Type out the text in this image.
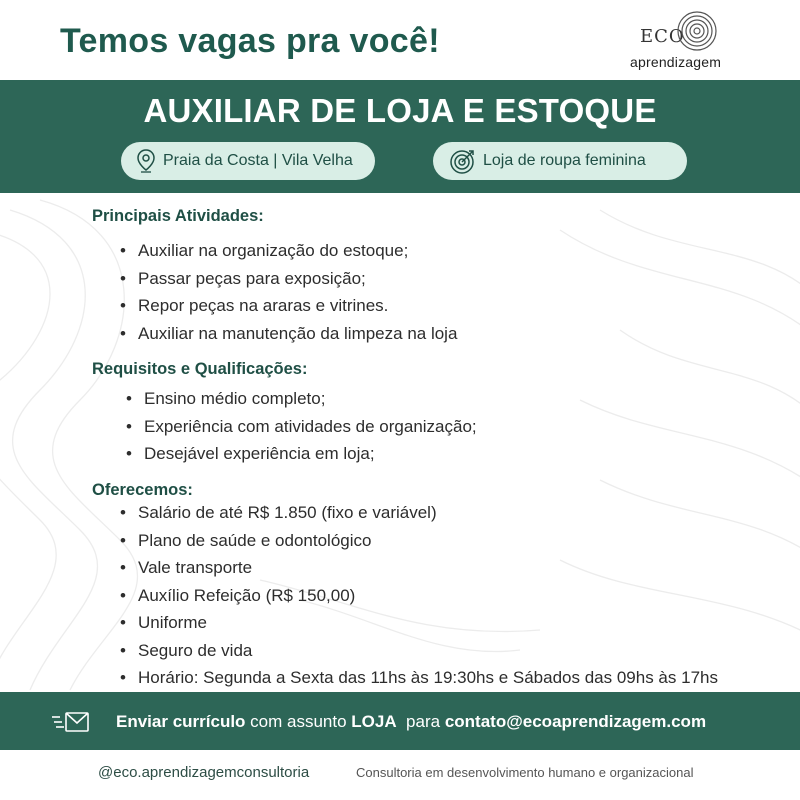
Temos vagas pra você!	ECO
aprendizagem
AUXILIAR DE LOJA E ESTOQUE
Praia da Costa | Vila Velha	Loja de roupa feminina
Principais Atividades:
• Auxiliar na organização do estoque;
• Passar peças para exposição;
• Repor peças na araras e vitrines.
• Auxiliar na manutenção da limpeza na loja
Requisitos e Qualificações:
• Ensino médio completo;
• Experiência com atividades de organização;
• Desejável experiência em loja;
Oferecemos:
• Salário de até R$ 1.850 (fixo e variável)
• Plano de saúde e odontológico
• Vale transporte
• Auxílio Refeição (R$ 150,00)
• Uniforme
• Seguro de vida
• Horário: Segunda a Sexta das 11hs às 19:30hs e Sábados das 09hs às 17hs

Enviar currículo com assunto LOJA  para contato@ecoaprendizagem.com

@eco.aprendizagemconsultoria	Consultoria em desenvolvimento humano e organizacional
